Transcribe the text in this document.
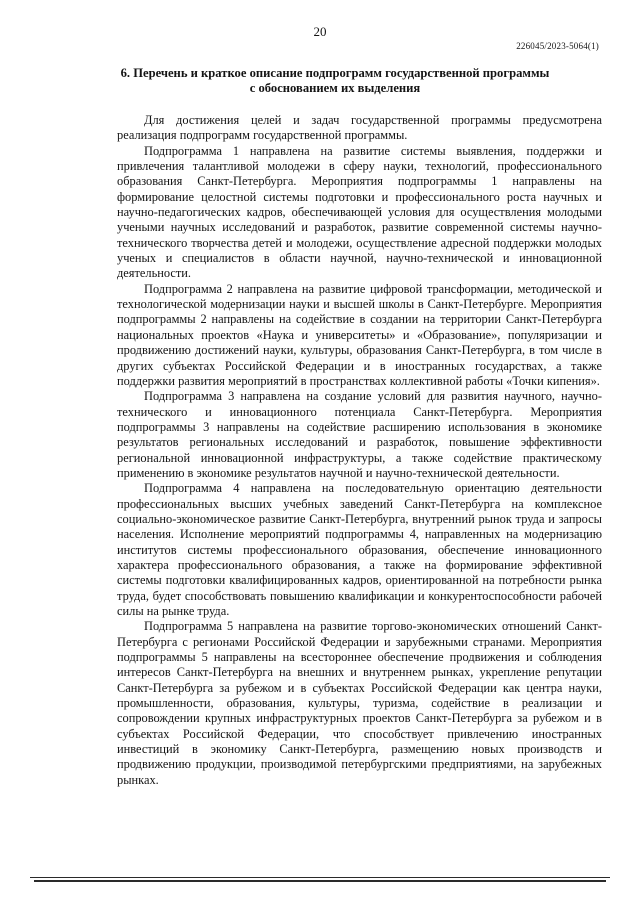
20
226045/2023-5064(1)
6. Перечень и краткое описание подпрограмм государственной программы
с обоснованием их выделения

Для достижения целей и задач государственной программы предусмотрена реализация подпрограмм государственной программы.

Подпрограмма 1 направлена на развитие системы выявления, поддержки и привлечения талантливой молодежи в сферу науки, технологий, профессионального образования Санкт-Петербурга. Мероприятия подпрограммы 1 направлены на формирование целостной системы подготовки и профессионального роста научных и научно-педагогических кадров, обеспечивающей условия для осуществления молодыми учеными научных исследований и разработок, развитие современной системы научно-технического творчества детей и молодежи, осуществление адресной поддержки молодых ученых и специалистов в области научной, научно-технической и инновационной деятельности.

Подпрограмма 2 направлена на развитие цифровой трансформации, методической и технологической модернизации науки и высшей школы в Санкт-Петербурге. Мероприятия подпрограммы 2 направлены на содействие в создании на территории Санкт-Петербурга национальных проектов «Наука и университеты» и «Образование», популяризации и продвижению достижений науки, культуры, образования Санкт-Петербурга, в том числе в других субъектах Российской Федерации и в иностранных государствах, а также поддержки развития мероприятий в пространствах коллективной работы «Точки кипения».

Подпрограмма 3 направлена на создание условий для развития научного, научно-технического и инновационного потенциала Санкт-Петербурга. Мероприятия подпрограммы 3 направлены на содействие расширению использования в экономике результатов региональных исследований и разработок, повышение эффективности региональной инновационной инфраструктуры, а также содействие практическому применению в экономике результатов научной и научно-технической деятельности.

Подпрограмма 4 направлена на последовательную ориентацию деятельности профессиональных высших учебных заведений Санкт-Петербурга на комплексное социально-экономическое развитие Санкт-Петербурга, внутренний рынок труда и запросы населения. Исполнение мероприятий подпрограммы 4, направленных на модернизацию институтов системы профессионального образования, обеспечение инновационного характера профессионального образования, а также на формирование эффективной системы подготовки квалифицированных кадров, ориентированной на потребности рынка труда, будет способствовать повышению квалификации и конкурентоспособности рабочей силы на рынке труда.

Подпрограмма 5 направлена на развитие торгово-экономических отношений Санкт-Петербурга с регионами Российской Федерации и зарубежными странами. Мероприятия подпрограммы 5 направлены на всестороннее обеспечение продвижения и соблюдения интересов Санкт-Петербурга на внешних и внутреннем рынках, укрепление репутации Санкт-Петербурга за рубежом и в субъектах Российской Федерации как центра науки, промышленности, образования, культуры, туризма, содействие в реализации и сопровождении крупных инфраструктурных проектов Санкт-Петербурга за рубежом и в субъектах Российской Федерации, что способствует привлечению иностранных инвестиций в экономику Санкт-Петербурга, размещению новых производств и продвижению продукции, производимой петербургскими предприятиями, на зарубежных рынках.
